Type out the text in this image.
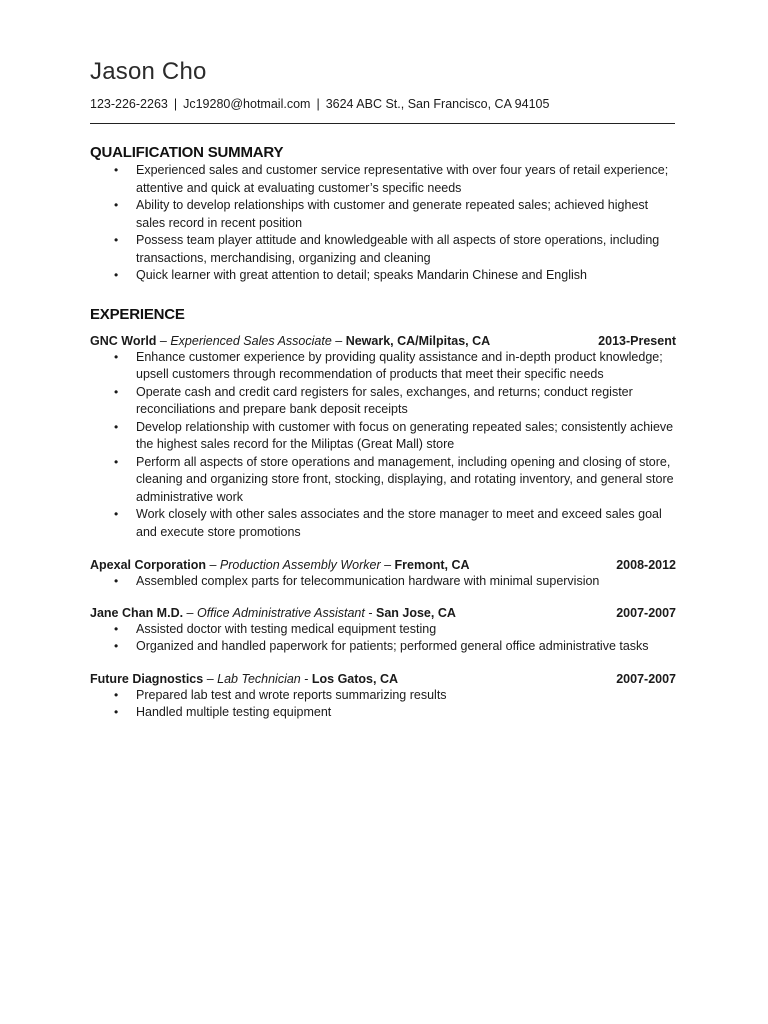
Jason Cho
123-226-2263 | Jc19280@hotmail.com | 3624 ABC St., San Francisco, CA 94105
QUALIFICATION SUMMARY
• Experienced sales and customer service representative with over four years of retail experience; attentive and quick at evaluating customer’s specific needs
• Ability to develop relationships with customer and generate repeated sales; achieved highest sales record in recent position
• Possess team player attitude and knowledgeable with all aspects of store operations, including transactions, merchandising, organizing and cleaning
• Quick learner with great attention to detail; speaks Mandarin Chinese and English
EXPERIENCE
GNC World – Experienced Sales Associate – Newark, CA/Milpitas, CA	2013-Present
• Enhance customer experience by providing quality assistance and in-depth product knowledge; upsell customers through recommendation of products that meet their specific needs
• Operate cash and credit card registers for sales, exchanges, and returns; conduct register reconciliations and prepare bank deposit receipts
• Develop relationship with customer with focus on generating repeated sales; consistently achieve the highest sales record for the Miliptas (Great Mall) store
• Perform all aspects of store operations and management, including opening and closing of store, cleaning and organizing store front, stocking, displaying, and rotating inventory, and general store administrative work
• Work closely with other sales associates and the store manager to meet and exceed sales goal and execute store promotions
Apexal Corporation – Production Assembly Worker – Fremont, CA	2008-2012
• Assembled complex parts for telecommunication hardware with minimal supervision
Jane Chan M.D. – Office Administrative Assistant - San Jose, CA	2007-2007
• Assisted doctor with testing medical equipment testing
• Organized and handled paperwork for patients; performed general office administrative tasks
Future Diagnostics – Lab Technician - Los Gatos, CA	2007-2007
• Prepared lab test and wrote reports summarizing results
• Handled multiple testing equipment
